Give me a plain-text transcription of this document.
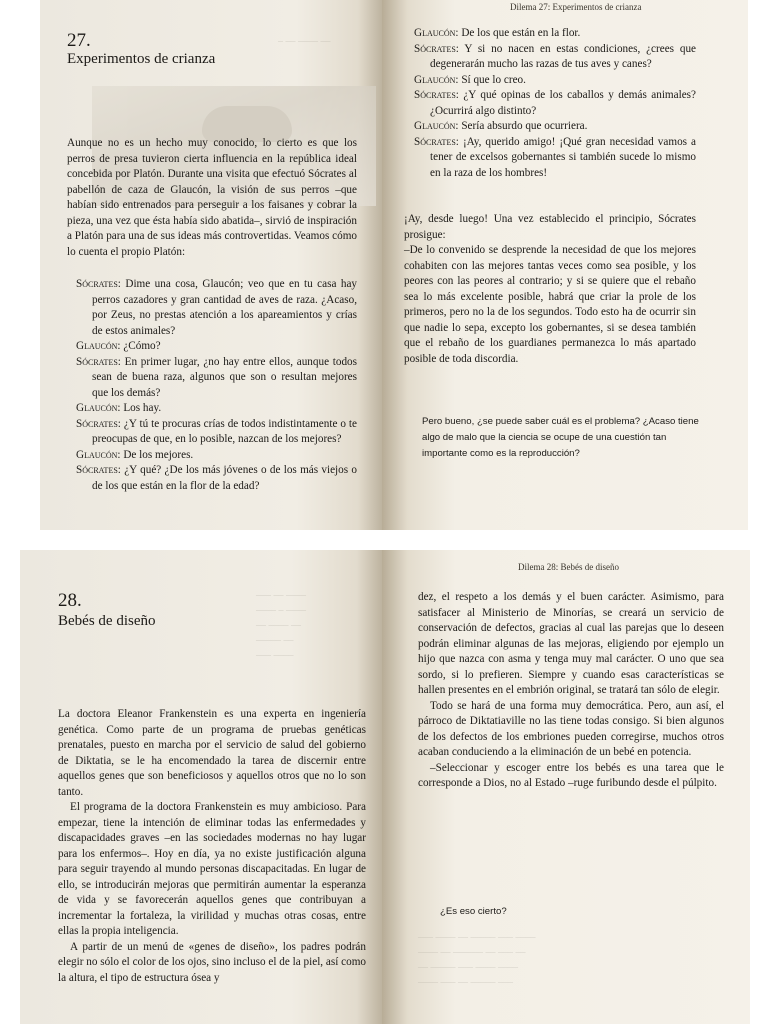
27.
Experimentos de crianza
‒ ‒‒ ‒‒‒‒ ‒‒

Aunque no es un hecho muy conocido, lo cierto es que los perros de presa tuvieron cierta influencia en la república ideal concebida por Platón. Durante una visita que efectuó Sócrates al pabellón de caza de Glaucón, la visión de sus perros –que habían sido entrenados para perseguir a los faisanes y cobrar la pieza, una vez que ésta había sido abatida–, sirvió de inspiración a Platón para una de sus ideas más controvertidas. Veamos cómo lo cuenta el propio Platón:

Sócrates: Dime una cosa, Glaucón; veo que en tu casa hay perros cazadores y gran cantidad de aves de raza. ¿Acaso, por Zeus, no prestas atención a los apareamientos y crías de estos animales?

Glaucón: ¿Cómo?

Sócrates: En primer lugar, ¿no hay entre ellos, aunque todos sean de buena raza, algunos que son o resultan mejores que los demás?

Glaucón: Los hay.

Sócrates: ¿Y tú te procuras crías de todos indistintamente o te preocupas de que, en lo posible, nazcan de los mejores?

Glaucón: De los mejores.

Sócrates: ¿Y qué? ¿De los más jóvenes o de los más viejos o de los que están en la flor de la edad?

Dilema 27: Experimentos de crianza

Glaucón: De los que están en la flor.

Sócrates: Y si no nacen en estas condiciones, ¿crees que degenerarán mucho las razas de tus aves y canes?

Glaucón: Sí que lo creo.

Sócrates: ¿Y qué opinas de los caballos y demás animales? ¿Ocurrirá algo distinto?

Glaucón: Sería absurdo que ocurriera.

Sócrates: ¡Ay, querido amigo! ¡Qué gran necesidad vamos a tener de excelsos gobernantes si también sucede lo mismo en la raza de los hombres!

¡Ay, desde luego! Una vez establecido el principio, Sócrates prosigue:

–De lo convenido se desprende la necesidad de que los mejores cohabiten con las mejores tantas veces como sea posible, y los peores con las peores al contrario; y si se quiere que el rebaño sea lo más excelente posible, habrá que criar la prole de los primeros, pero no la de los segundos. Todo esto ha de ocurrir sin que nadie lo sepa, excepto los gobernantes, si se desea también que el rebaño de los guardianes permanezca lo más apartado posible de toda discordia.

Pero bueno, ¿se puede saber cuál es el problema? ¿Acaso tiene algo de malo que la ciencia se ocupe de una cuestión tan importante como es la reproducción?

28.
Bebés de diseño
‒‒‒ ‒‒ ‒‒‒‒
‒‒‒‒ ‒ ‒‒‒‒
‒‒ ‒‒‒‒ ‒‒
‒‒‒‒‒ ‒‒
‒‒‒ ‒‒‒‒

La doctora Eleanor Frankenstein es una experta en ingeniería genética. Como parte de un programa de pruebas genéticas prenatales, puesto en marcha por el servicio de salud del gobierno de Diktatia, se le ha encomendado la tarea de discernir entre aquellos genes que son beneficiosos y aquellos otros que no lo son tanto.

El programa de la doctora Frankenstein es muy ambicioso. Para empezar, tiene la intención de eliminar todas las enfermedades y discapacidades graves –en las sociedades modernas no hay lugar para los enfermos–. Hoy en día, ya no existe justificación alguna para seguir trayendo al mundo personas discapacitadas. En lugar de ello, se introducirán mejoras que permitirán aumentar la esperanza de vida y se favorecerán aquellos genes que contribuyan a incrementar la fortaleza, la virilidad y muchas otras cosas, entre ellas la propia inteligencia.

A partir de un menú de «genes de diseño», los padres podrán elegir no sólo el color de los ojos, sino incluso el de la piel, así como la altura, el tipo de estructura ósea y

Dilema 28: Bebés de diseño

dez, el respeto a los demás y el buen carácter. Asimismo, para satisfacer al Ministerio de Minorías, se creará un servicio de conservación de defectos, gracias al cual las parejas que lo deseen podrán eliminar algunas de las mejoras, eligiendo por ejemplo un hijo que nazca con asma y tenga muy mal carácter. O uno que sea sordo, si lo prefieren. Siempre y cuando esas características se hallen presentes en el embrión original, se tratará tan sólo de elegir.

Todo se hará de una forma muy democrática. Pero, aun así, el párroco de Diktatiaville no las tiene todas consigo. Si bien algunos de los defectos de los embriones pueden corregirse, muchos otros acaban conduciendo a la eliminación de un bebé en potencia.

–Seleccionar y escoger entre los bebés es una tarea que le corresponde a Dios, no al Estado –ruge furibundo desde el púlpito.

¿Es eso cierto?
‒‒‒ ‒‒‒‒ ‒‒ ‒‒‒‒‒ ‒‒‒ ‒‒‒‒
‒‒‒‒ ‒‒ ‒‒‒‒‒‒ ‒‒ ‒‒‒ ‒‒
‒‒ ‒‒‒‒‒ ‒‒‒ ‒‒‒‒ ‒‒‒‒
‒‒‒‒ ‒‒‒ ‒‒ ‒‒‒‒‒ ‒‒‒
